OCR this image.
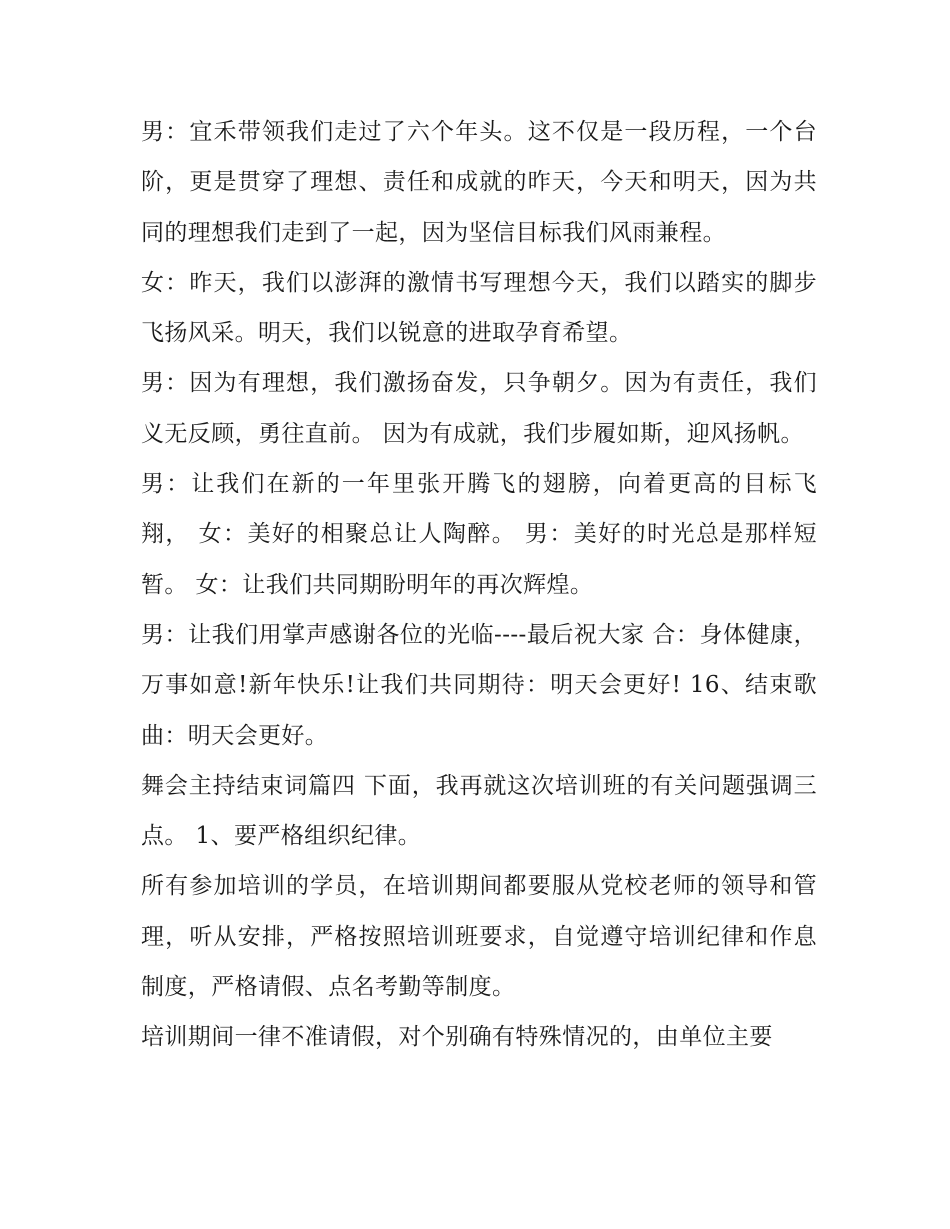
男：宜禾带领我们走过了六个年头。这不仅是一段历程，一个台阶，更是贯穿了理想、责任和成就的昨天，今天和明天，因为共同的理想我们走到了一起，因为坚信目标我们风雨兼程。

女：昨天，我们以澎湃的激情书写理想今天，我们以踏实的脚步飞扬风采。明天，我们以锐意的进取孕育希望。

男：因为有理想，我们激扬奋发，只争朝夕。因为有责任，我们义无反顾，勇往直前。 因为有成就，我们步履如斯，迎风扬帆。

男：让我们在新的一年里张开腾飞的翅膀，向着更高的目标飞翔， 女：美好的相聚总让人陶醉。 男：美好的时光总是那样短暂。 女：让我们共同期盼明年的再次辉煌。

男：让我们用掌声感谢各位的光临----最后祝大家 合：身体健康，万事如意!新年快乐!让我们共同期待：明天会更好! 16、结束歌曲：明天会更好。

舞会主持结束词篇四 下面，我再就这次培训班的有关问题强调三点。 1、要严格组织纪律。

所有参加培训的学员，在培训期间都要服从党校老师的领导和管理，听从安排，严格按照培训班要求，自觉遵守培训纪律和作息制度，严格请假、点名考勤等制度。

培训期间一律不准请假，对个别确有特殊情况的，由单位主要
